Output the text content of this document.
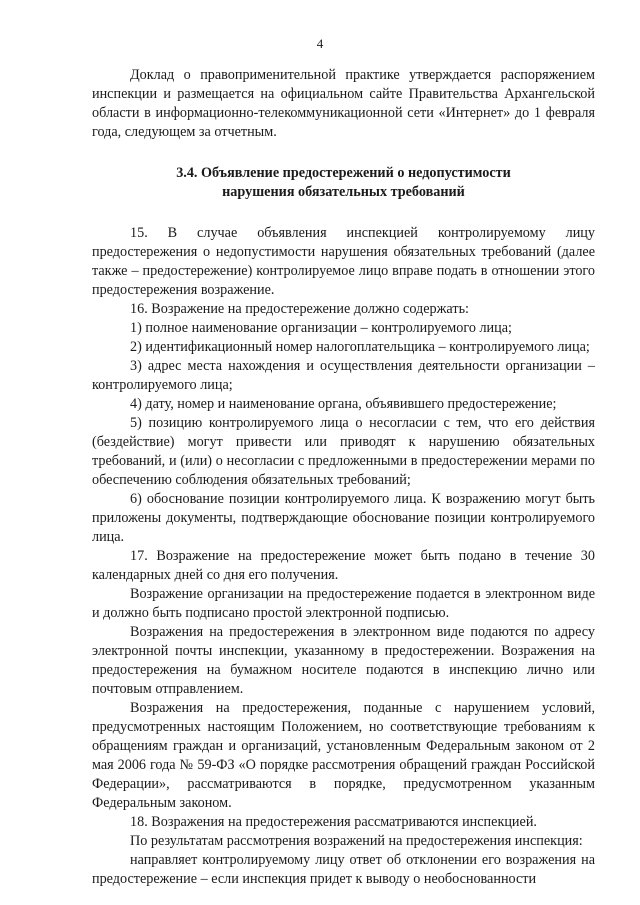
4

Доклад о правоприменительной практике утверждается распоряжением инспекции и размещается на официальном сайте Правительства Архангельской области в информационно-телекоммуникационной сети «Интернет» до 1 февраля года, следующем за отчетным.

3.4. Объявление предостережений о недопустимости
нарушения обязательных требований

15. В случае объявления инспекцией контролируемому лицу предостережения о недопустимости нарушения обязательных требований (далее также – предостережение) контролируемое лицо вправе подать в отношении этого предостережения возражение.

16. Возражение на предостережение должно содержать:

1) полное наименование организации – контролируемого лица;

2) идентификационный номер налогоплательщика – контролируемого лица;

3) адрес места нахождения и осуществления деятельности организации – контролируемого лица;

4) дату, номер и наименование органа, объявившего предостережение;

5) позицию контролируемого лица о несогласии с тем, что его действия (бездействие) могут привести или приводят к нарушению обязательных требований, и (или) о несогласии с предложенными в предостережении мерами по обеспечению соблюдения обязательных требований;

6) обоснование позиции контролируемого лица. К возражению могут быть приложены документы, подтверждающие обоснование позиции контролируемого лица.

17. Возражение на предостережение может быть подано в течение 30 календарных дней со дня его получения.

Возражение организации на предостережение подается в электронном виде и должно быть подписано простой электронной подписью.

Возражения на предостережения в электронном виде подаются по адресу электронной почты инспекции, указанному в предостережении. Возражения на предостережения на бумажном носителе подаются в инспекцию лично или почтовым отправлением.

Возражения на предостережения, поданные с нарушением условий, предусмотренных настоящим Положением, но соответствующие требованиям к обращениям граждан и организаций, установленным Федеральным законом от 2 мая 2006 года № 59-ФЗ «О порядке рассмотрения обращений граждан Российской Федерации», рассматриваются в порядке, предусмотренном указанным Федеральным законом.

18. Возражения на предостережения рассматриваются инспекцией.

По результатам рассмотрения возражений на предостережения инспекция:

направляет контролируемому лицу ответ об отклонении его возражения на предостережение – если инспекция придет к выводу о необоснованности
